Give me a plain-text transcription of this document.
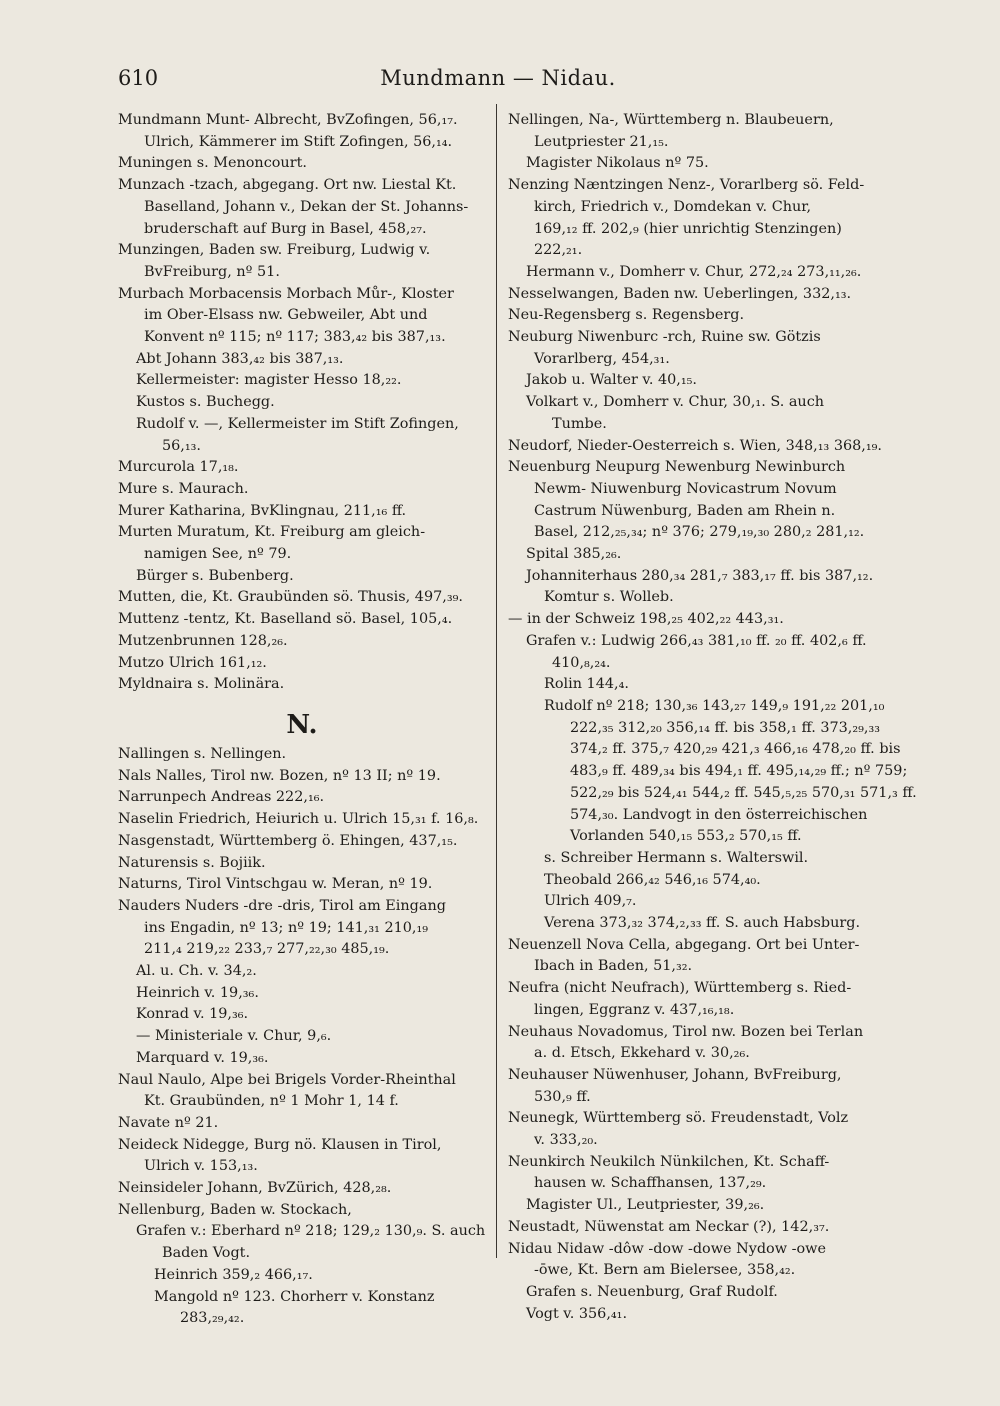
610	Mundmann — Nidau.

Mundmann Munt- Albrecht, BvZofingen, 56,₁₇.

Ulrich, Kämmerer im Stift Zofingen, 56,₁₄.

Muningen s. Menoncourt.

Munzach -tzach, abgegang. Ort nw. Liestal Kt.

Baselland, Johann v., Dekan der St. Johanns-

bruderschaft auf Burg in Basel, 458,₂₇.

Munzingen, Baden sw. Freiburg, Ludwig v.

BvFreiburg, nº 51.

Murbach Morbacensis Morbach Můr-, Kloster

im Ober-Elsass nw. Gebweiler, Abt und

Konvent nº 115; nº 117; 383,₄₂ bis 387,₁₃.

Abt Johann 383,₄₂ bis 387,₁₃.

Kellermeister: magister Hesso 18,₂₂.

Kustos s. Buchegg.

Rudolf v. —, Kellermeister im Stift Zofingen,

56,₁₃.

Murcurola 17,₁₈.

Mure s. Maurach.

Murer Katharina, BvKlingnau, 211,₁₆ ff.

Murten Muratum, Kt. Freiburg am gleich-

namigen See, nº 79.

Bürger s. Bubenberg.

Mutten, die, Kt. Graubünden sö. Thusis, 497,₃₉.

Muttenz -tentz, Kt. Baselland sö. Basel, 105,₄.

Mutzenbrunnen 128,₂₆.

Mutzo Ulrich 161,₁₂.

Myldnaira s. Molinära.

N.

Nallingen s. Nellingen.

Nals Nalles, Tirol nw. Bozen, nº 13 II; nº 19.

Narrunpech Andreas 222,₁₆.

Naselin Friedrich, Heiurich u. Ulrich 15,₃₁ f. 16,₈.

Nasgenstadt, Württemberg ö. Ehingen, 437,₁₅.

Naturensis s. Bojiik.

Naturns, Tirol Vintschgau w. Meran, nº 19.

Nauders Nuders -dre -dris, Tirol am Eingang

ins Engadin, nº 13; nº 19; 141,₃₁ 210,₁₉

211,₄ 219,₂₂ 233,₇ 277,₂₂,₃₀ 485,₁₉.

Al. u. Ch. v. 34,₂.

Heinrich v. 19,₃₆.

Konrad v. 19,₃₆.

— Ministeriale v. Chur, 9,₆.

Marquard v. 19,₃₆.

Naul Naulo, Alpe bei Brigels Vorder-Rheinthal

Kt. Graubünden, nº 1 Mohr 1, 14 f.

Navate nº 21.

Neideck Nidegge, Burg nö. Klausen in Tirol,

Ulrich v. 153,₁₃.

Neinsideler Johann, BvZürich, 428,₂₈.

Nellenburg, Baden w. Stockach,

Grafen v.: Eberhard nº 218; 129,₂ 130,₉. S. auch

Baden Vogt.

Heinrich 359,₂ 466,₁₇.

Mangold nº 123. Chorherr v. Konstanz

283,₂₉,₄₂.

Nellingen, Na-, Württemberg n. Blaubeuern,

Leutpriester 21,₁₅.

Magister Nikolaus nº 75.

Nenzing Næntzingen Nenz-, Vorarlberg sö. Feld-

kirch, Friedrich v., Domdekan v. Chur,

169,₁₂ ff. 202,₉ (hier unrichtig Stenzingen)

222,₂₁.

Hermann v., Domherr v. Chur, 272,₂₄ 273,₁₁,₂₆.

Nesselwangen, Baden nw. Ueberlingen, 332,₁₃.

Neu-Regensberg s. Regensberg.

Neuburg Niwenburc -rch, Ruine sw. Götzis

Vorarlberg, 454,₃₁.

Jakob u. Walter v. 40,₁₅.

Volkart v., Domherr v. Chur, 30,₁. S. auch

Tumbe.

Neudorf, Nieder-Oesterreich s. Wien, 348,₁₃ 368,₁₉.

Neuenburg Neupurg Newenburg Newinburch

Newm- Niuwenburg Novicastrum Novum

Castrum Nüwenburg, Baden am Rhein n.

Basel, 212,₂₅,₃₄; nº 376; 279,₁₉,₃₀ 280,₂ 281,₁₂.

Spital 385,₂₆.

Johanniterhaus 280,₃₄ 281,₇ 383,₁₇ ff. bis 387,₁₂.

Komtur s. Wolleb.

— in der Schweiz 198,₂₅ 402,₂₂ 443,₃₁.

Grafen v.: Ludwig 266,₄₃ 381,₁₀ ff. ₂₀ ff. 402,₆ ff.

410,₈,₂₄.

Rolin 144,₄.

Rudolf nº 218; 130,₃₆ 143,₂₇ 149,₉ 191,₂₂ 201,₁₀

222,₃₅ 312,₂₀ 356,₁₄ ff. bis 358,₁ ff. 373,₂₉,₃₃

374,₂ ff. 375,₇ 420,₂₉ 421,₃ 466,₁₆ 478,₂₀ ff. bis

483,₉ ff. 489,₃₄ bis 494,₁ ff. 495,₁₄,₂₉ ff.; nº 759;

522,₂₉ bis 524,₄₁ 544,₂ ff. 545,₅,₂₅ 570,₃₁ 571,₃ ff.

574,₃₀. Landvogt in den österreichischen

Vorlanden 540,₁₅ 553,₂ 570,₁₅ ff.

s. Schreiber Hermann s. Walterswil.

Theobald 266,₄₂ 546,₁₆ 574,₄₀.

Ulrich 409,₇.

Verena 373,₃₂ 374,₂,₃₃ ff. S. auch Habsburg.

Neuenzell Nova Cella, abgegang. Ort bei Unter-

Ibach in Baden, 51,₃₂.

Neufra (nicht Neufrach), Württemberg s. Ried-

lingen, Eggranz v. 437,₁₆,₁₈.

Neuhaus Novadomus, Tirol nw. Bozen bei Terlan

a. d. Etsch, Ekkehard v. 30,₂₆.

Neuhauser Nüwenhuser, Johann, BvFreiburg,

530,₉ ff.

Neunegk, Württemberg sö. Freudenstadt, Volz

v. 333,₂₀.

Neunkirch Neukilch Nünkilchen, Kt. Schaff-

hausen w. Schaffhansen, 137,₂₉.

Magister Ul., Leutpriester, 39,₂₆.

Neustadt, Nüwenstat am Neckar (?), 142,₃₇.

Nidau Nidaw -dôw -dow -dowe Nydow -owe

-ōwe, Kt. Bern am Bielersee, 358,₄₂.

Grafen s. Neuenburg, Graf Rudolf.

Vogt v. 356,₄₁.
